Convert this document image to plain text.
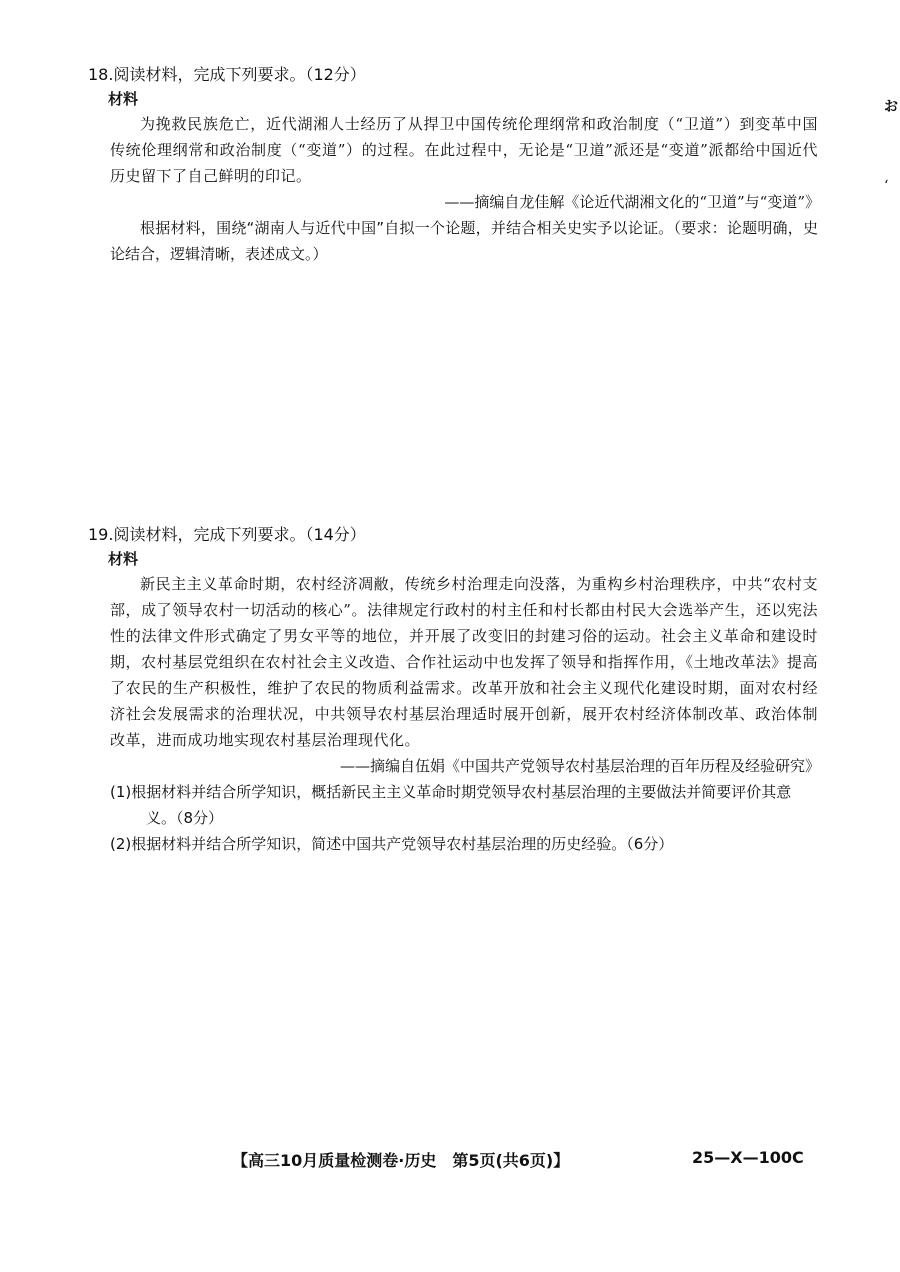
18.阅读材料，完成下列要求。（12分）
材料
为挽救民族危亡，近代湖湘人士经历了从捍卫中国传统伦理纲常和政治制度（“卫道”）到变革中国传统伦理纲常和政治制度（“变道”）的过程。在此过程中，无论是“卫道”派还是“变道”派都给中国近代历史留下了自己鲜明的印记。
——摘编自龙佳解《论近代湖湘文化的“卫道”与“变道”》
根据材料，围绕“湖南人与近代中国”自拟一个论题，并结合相关史实予以论证。（要求：论题明确，史论结合，逻辑清晰，表述成文。）
お
‘
19.阅读材料，完成下列要求。（14分）
材料
新民主主义革命时期，农村经济凋敝，传统乡村治理走向没落，为重构乡村治理秩序，中共“农村支部，成了领导农村一切活动的核心”。法律规定行政村的村主任和村长都由村民大会选举产生，还以宪法性的法律文件形式确定了男女平等的地位，并开展了改变旧的封建习俗的运动。社会主义革命和建设时期，农村基层党组织在农村社会主义改造、合作社运动中也发挥了领导和指挥作用，《土地改革法》提高了农民的生产积极性，维护了农民的物质利益需求。改革开放和社会主义现代化建设时期，面对农村经济社会发展需求的治理状况，中共领导农村基层治理适时展开创新，展开农村经济体制改革、政治体制改革，进而成功地实现农村基层治理现代化。
——摘编自伍娟《中国共产党领导农村基层治理的百年历程及经验研究》
(1)根据材料并结合所学知识，概括新民主主义革命时期党领导农村基层治理的主要做法并简要评价其意义。（8分）
(2)根据材料并结合所学知识，简述中国共产党领导农村基层治理的历史经验。（6分）
【高三10月质量检测卷·历史　第5页(共6页)】	25—X—100C
